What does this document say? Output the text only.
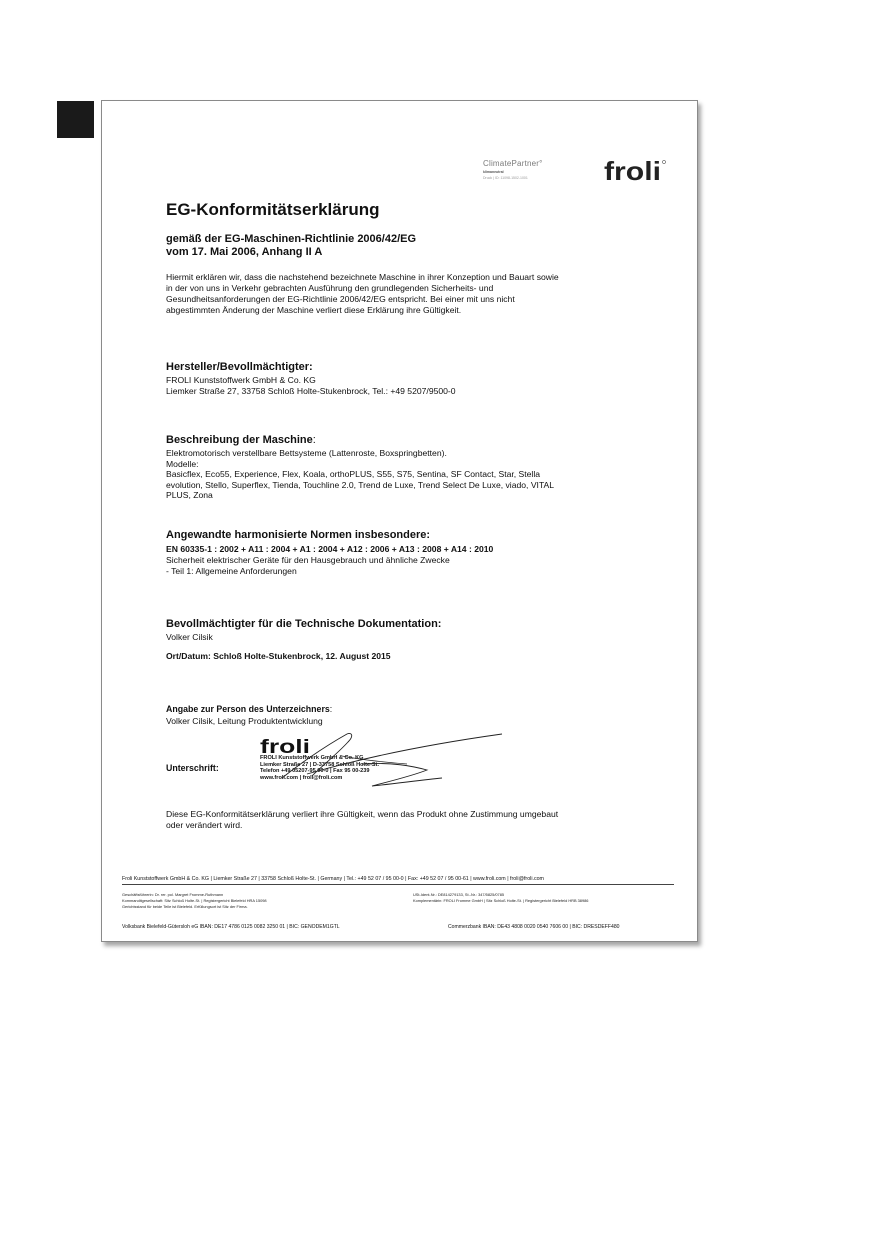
ClimatePartner°
klimaneutral
Druck | ID: 11098-1502-1001	froli
EG-Konformitätserklärung
gemäß der EG-Maschinen-Richtlinie 2006/42/EG
vom 17. Mai 2006, Anhang II A
Hiermit erklären wir, dass die nachstehend bezeichnete Maschine in ihrer Konzeption und Bauart sowie
in der von uns in Verkehr gebrachten Ausführung den grundlegenden Sicherheits- und
Gesundheitsanforderungen der EG-Richtlinie 2006/42/EG entspricht. Bei einer mit uns nicht
abgestimmten Änderung der Maschine verliert diese Erklärung ihre Gültigkeit.
Hersteller/Bevollmächtigter:
FROLI Kunststoffwerk GmbH & Co. KG
Liemker Straße 27, 33758 Schloß Holte-Stukenbrock, Tel.: +49 5207/9500-0
Beschreibung der Maschine:
Elektromotorisch verstellbare Bettsysteme (Lattenroste, Boxspringbetten).
Modelle:
Basicflex, Eco55, Experience, Flex, Koala, orthoPLUS, S55, S75, Sentina, SF Contact, Star, Stella
evolution, Stello, Superflex, Tienda, Touchline 2.0, Trend de Luxe, Trend Select De Luxe, viado, VITAL
PLUS, Zona
Angewandte harmonisierte Normen insbesondere:
EN 60335-1 : 2002 + A11 : 2004 + A1 : 2004 + A12 : 2006 + A13 : 2008 + A14 : 2010
Sicherheit elektrischer Geräte für den Hausgebrauch und ähnliche Zwecke
- Teil 1: Allgemeine Anforderungen
Bevollmächtigter für die Technische Dokumentation:
Volker Cilsik
Ort/Datum: Schloß Holte-Stukenbrock, 12. August 2015
Angabe zur Person des Unterzeichners:
Volker Cilsik, Leitung Produktentwicklung
Unterschrift:
froli
FROLI Kunststoffwerk GmbH & Co. KG
Liemker Straße 27 | D-33758 Schloß Holte-St.
Telefon +49 05207-95 00-0 | Fax 95 00-239
www.froli.com | froli@froli.com
Diese EG-Konformitätserklärung verliert ihre Gültigkeit, wenn das Produkt ohne Zustimmung umgebaut
oder verändert wird.
Froli Kunststoffwerk GmbH & Co. KG | Liemker Straße 27 | 33758 Schloß Holte-St. | Germany | Tel.: +49 52 07 / 95 00-0 | Fax: +49 52 07 / 95 00-61 | www.froli.com | froli@froli.com
Geschäftsführerin: Dr. rer. pol. Margret Fromme-Ruthmann
Kommanditgesellschaft: Sitz Schloß Holte-St. | Registergericht Bielefeld HRA 15098
Gerichtsstand für beide Teile ist Bielefeld. Erfüllungsort ist Sitz der Firma.
USt-Ident-Nr.: DE814279133, St.-Nr.: 347/5825/0785
Komplementärin: FROLI Fromme GmbH | Sitz Schloß Holte-St. | Registergericht Bielefeld HRB 38986
Volksbank Bielefeld-Gütersloh eG IBAN: DE17 4786 0125 0082 3250 01 | BIC: GENODEM1GTL	Commerzbank IBAN: DE43 4808 0020 0540 7606 00 | BIC: DRESDEFF480
